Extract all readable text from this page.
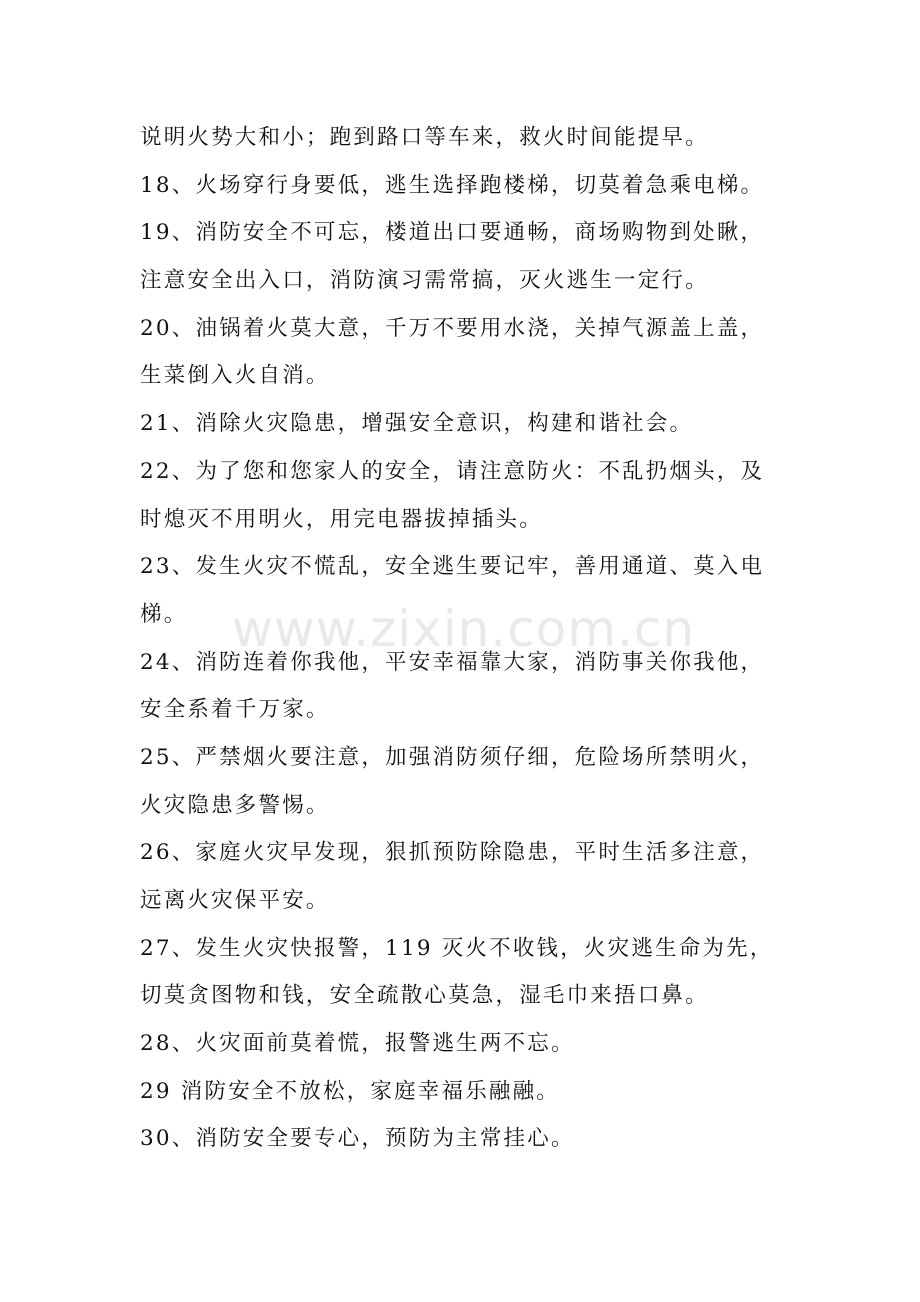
说明火势大和小；跑到路口等车来，救火时间能提早。
18、火场穿行身要低，逃生选择跑楼梯，切莫着急乘电梯。
19、消防安全不可忘，楼道出口要通畅，商场购物到处瞅，
注意安全出入口，消防演习需常搞，灭火逃生一定行。
20、油锅着火莫大意，千万不要用水浇，关掉气源盖上盖，
生菜倒入火自消。
21、消除火灾隐患，增强安全意识，构建和谐社会。
22、为了您和您家人的安全，请注意防火：不乱扔烟头，及
时熄灭不用明火，用完电器拔掉插头。
23、发生火灾不慌乱，安全逃生要记牢，善用通道、莫入电
梯。
24、消防连着你我他，平安幸福靠大家，消防事关你我他，
安全系着千万家。
25、严禁烟火要注意，加强消防须仔细，危险场所禁明火，
火灾隐患多警惕。
26、家庭火灾早发现，狠抓预防除隐患，平时生活多注意，
远离火灾保平安。
27、发生火灾快报警，119 灭火不收钱，火灾逃生命为先，
切莫贪图物和钱，安全疏散心莫急，湿毛巾来捂口鼻。
28、火灾面前莫着慌，报警逃生两不忘。
29 消防安全不放松，家庭幸福乐融融。
30、消防安全要专心，预防为主常挂心。
www.zixin.com.cn
